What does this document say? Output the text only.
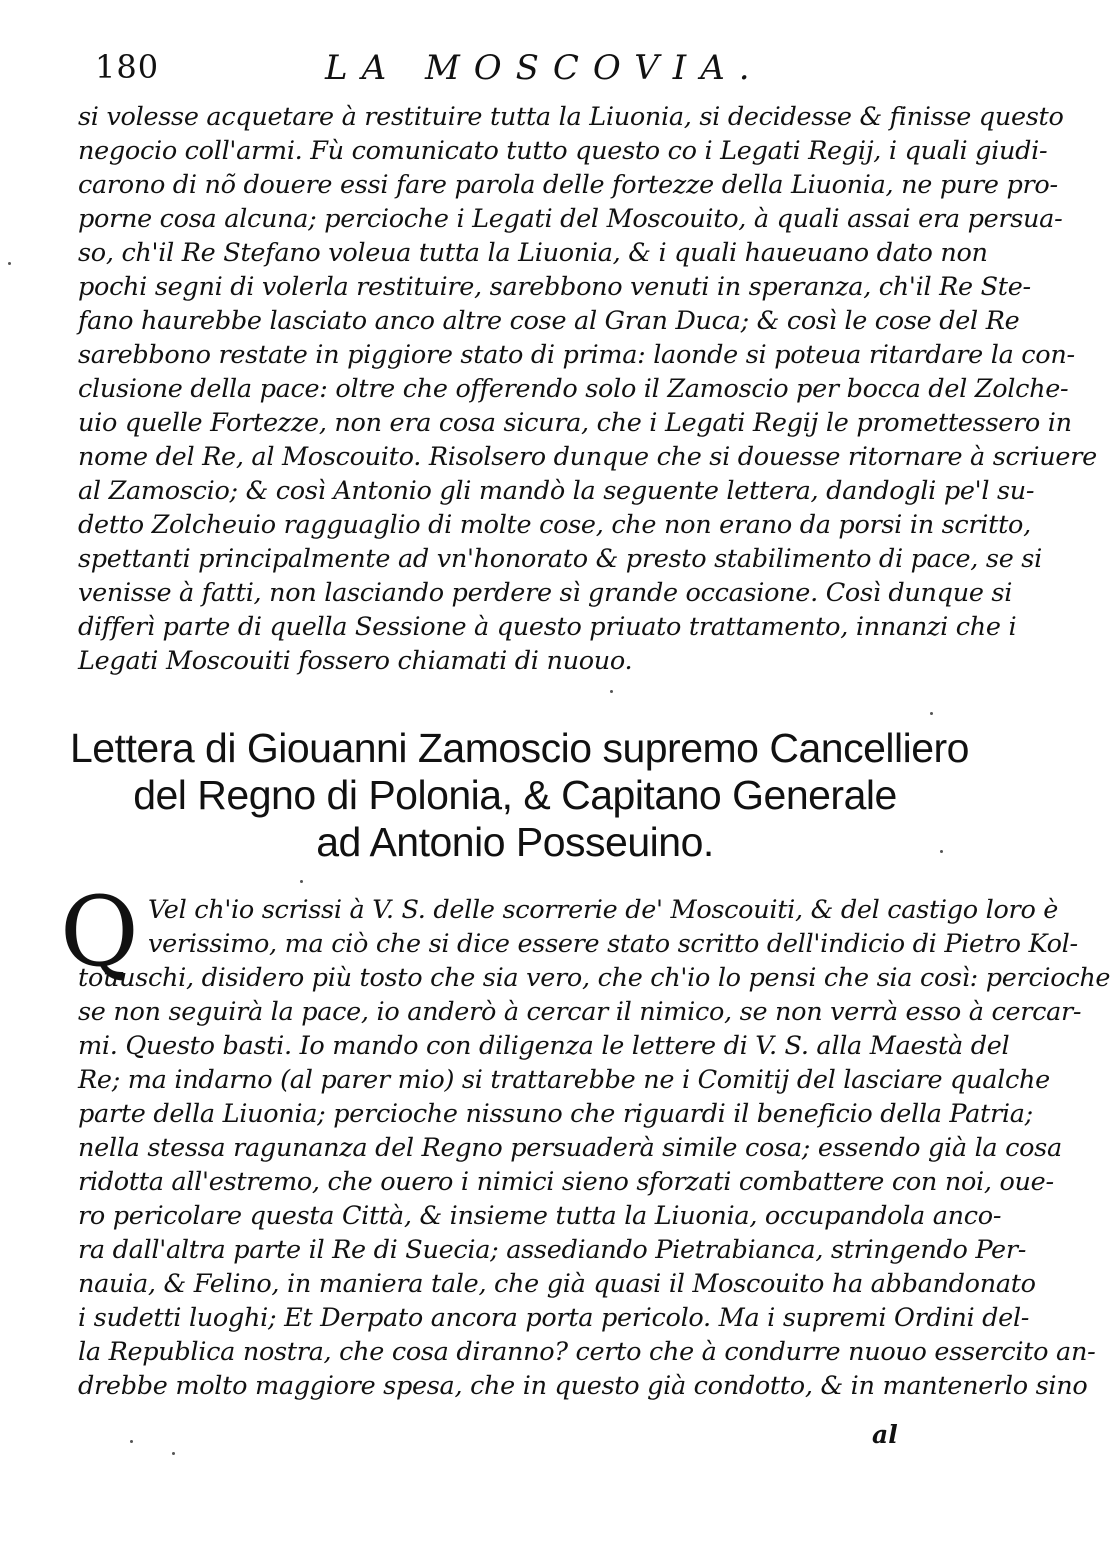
180	LA MOSCOVIA.
si volesse acquetare à restituire tutta la Liuonia, si decidesse & finisse questo
negocio coll'armi. Fù comunicato tutto questo co i Legati Regij, i quali giudi-
carono di nõ douere essi fare parola delle fortezze della Liuonia, ne pure pro-
porne cosa alcuna; percioche i Legati del Moscouito, à quali assai era persua-
so, ch'il Re Stefano voleua tutta la Liuonia, & i quali haueuano dato non
pochi segni di volerla restituire, sarebbono venuti in speranza, ch'il Re Ste-
fano haurebbe lasciato anco altre cose al Gran Duca; & così le cose del Re
sarebbono restate in piggiore stato di prima: laonde si poteua ritardare la con-
clusione della pace: oltre che offerendo solo il Zamoscio per bocca del Zolche-
uio quelle Fortezze, non era cosa sicura, che i Legati Regij le promettessero in
nome del Re, al Moscouito. Risolsero dunque che si douesse ritornare à scriuere
al Zamoscio; & così Antonio gli mandò la seguente lettera, dandogli pe'l su-
detto Zolcheuio ragguaglio di molte cose, che non erano da porsi in scritto,
spettanti principalmente ad vn'honorato & presto stabilimento di pace, se si
venisse à fatti, non lasciando perdere sì grande occasione. Così dunque si
differì parte di quella Sessione à questo priuato trattamento, innanzi che i
Legati Moscouiti fossero chiamati di nuouo.
Lettera di Giouanni Zamoscio supremo Cancelliero
del Regno di Polonia, & Capitano Generale
ad Antonio Posseuino.
Q Vel ch'io scrissi à V. S. delle scorrerie de' Moscouiti, & del castigo loro è
verissimo, ma ciò che si dice essere stato scritto dell'indicio di Pietro Kol-
touuschi, disidero più tosto che sia vero, che ch'io lo pensi che sia così: percioche
se non seguirà la pace, io anderò à cercar il nimico, se non verrà esso à cercar-
mi. Questo basti. Io mando con diligenza le lettere di V. S. alla Maestà del
Re; ma indarno (al parer mio) si trattarebbe ne i Comitij del lasciare qualche
parte della Liuonia; percioche nissuno che riguardi il beneficio della Patria;
nella stessa ragunanza del Regno persuaderà simile cosa; essendo già la cosa
ridotta all'estremo, che ouero i nimici sieno sforzati combattere con noi, oue-
ro pericolare questa Città, & insieme tutta la Liuonia, occupandola anco-
ra dall'altra parte il Re di Suecia; assediando Pietrabianca, stringendo Per-
nauia, & Felino, in maniera tale, che già quasi il Moscouito ha abbandonato
i sudetti luoghi; Et Derpato ancora porta pericolo. Ma i supremi Ordini del-
la Republica nostra, che cosa diranno? certo che à condurre nuouo essercito an-
drebbe molto maggiore spesa, che in questo già condotto, & in mantenerlo sino
al
